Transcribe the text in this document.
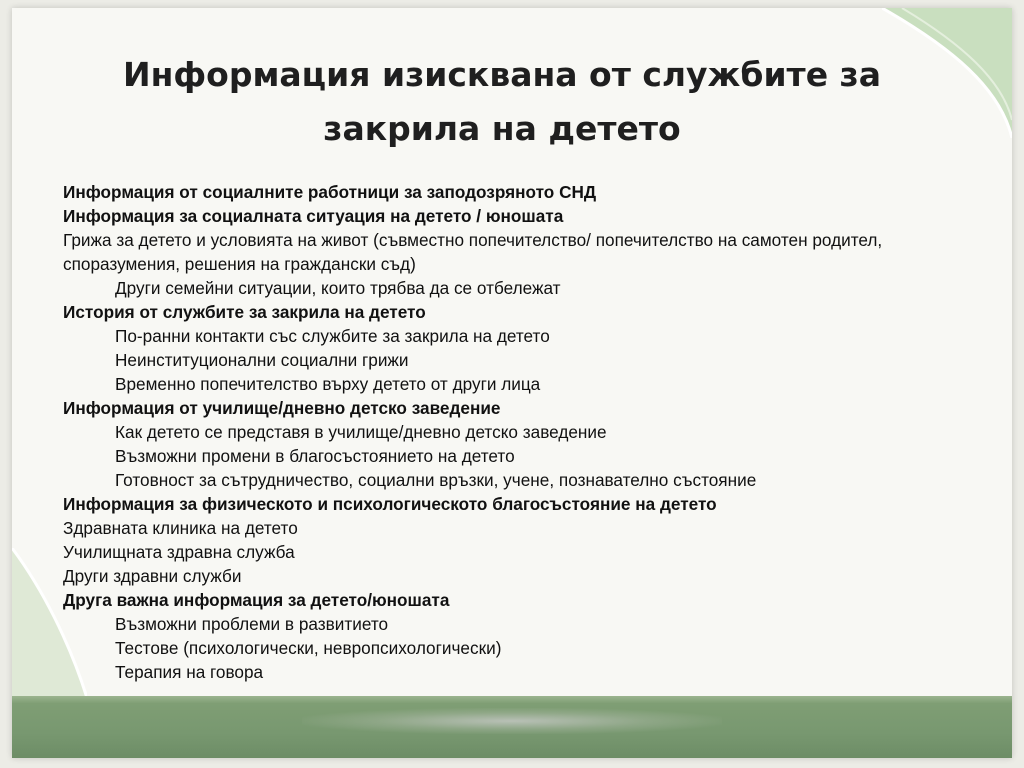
Информация изисквана от службите за закрила на детето
Информация от социалните работници за заподозряното СНД
Информация за социалната ситуация на детето / юношата
Грижа за детето и условията на живот (съвместно попечителство/ попечителство на самотен родител, споразумения, решения на граждански съд)
Други семейни ситуации, които трябва да се отбележат
История от службите за закрила на детето
По-ранни контакти със службите за закрила на детето
Неинституционални социални грижи
Временно попечителство върху детето от други лица
Информация от училище/дневно детско заведение
Как детето се представя в училище/дневно детско заведение
Възможни промени в благосъстоянието на детето
Готовност за сътрудничество, социални връзки, учене, познавателно състояние
Информация за физическото и психологическото благосъстояние на детето
Здравната клиника на детето
Училищната здравна служба
Други здравни служби
Друга важна информация за детето/юношата
Възможни проблеми в развитието
Тестове (психологически, невропсихологически)
Терапия на говора
